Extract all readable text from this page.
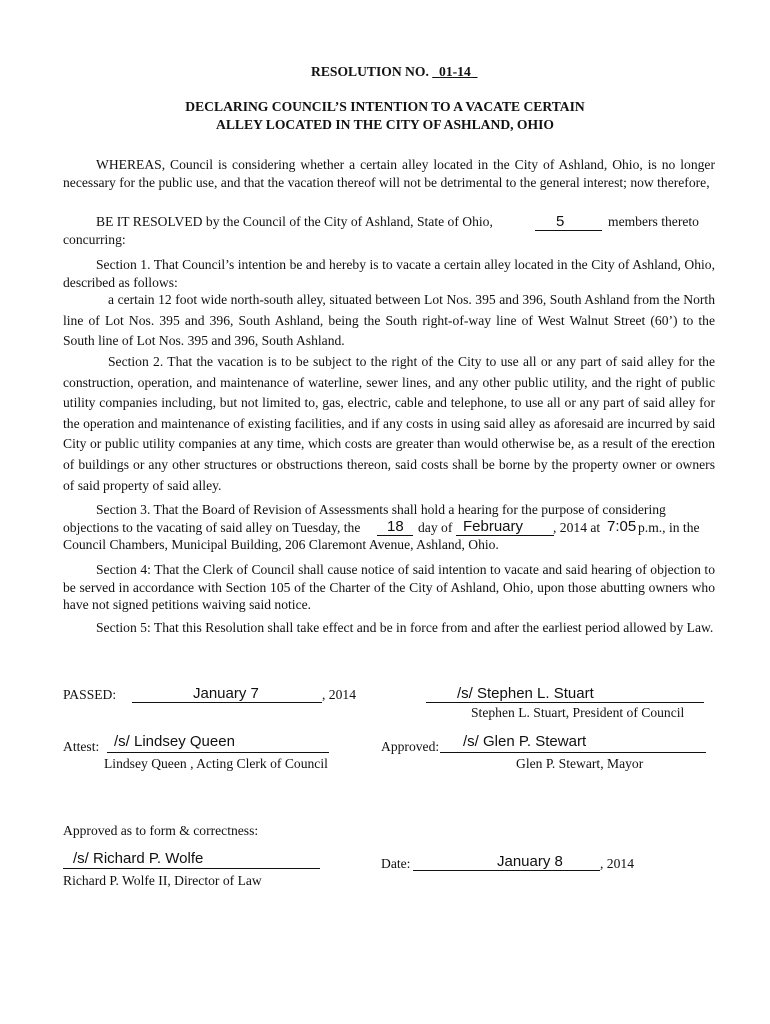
RESOLUTION NO. 01-14
DECLARING COUNCIL’S INTENTION TO A VACATE CERTAIN
ALLEY LOCATED IN THE CITY OF ASHLAND, OHIO
WHEREAS, Council is considering whether a certain alley located in the City of Ashland, Ohio, is no longer necessary for the public use, and that the vacation thereof will not be detrimental to the general interest; now therefore,
BE IT RESOLVED by the Council of the City of Ashland, State of Ohio,	5	members thereto
concurring:
Section 1. That Council’s intention be and hereby is to vacate a certain alley located in the City of Ashland, Ohio, described as follows:
a certain 12 foot wide north-south alley, situated between Lot Nos. 395 and 396, South Ashland from the North line of Lot Nos. 395 and 396, South Ashland, being the South right-of-way line of West Walnut Street (60’) to the South line of Lot Nos. 395 and 396, South Ashland.
Section 2. That the vacation is to be subject to the right of the City to use all or any part of said alley for the construction, operation, and maintenance of waterline, sewer lines, and any other public utility, and the right of public utility companies including, but not limited to, gas, electric, cable and telephone, to use all or any part of said alley for the operation and maintenance of existing facilities, and if any costs in using said alley as aforesaid are incurred by said City or public utility companies at any time, which costs are greater than would otherwise be, as a result of the erection of buildings or any other structures or obstructions thereon, said costs shall be borne by the property owner or owners of said property of said alley.
Section 3. That the Board of Revision of Assessments shall hold a hearing for the purpose of considering
objections to the vacating of said alley on Tuesday, the 18 day of February , 2014 at 7:05 p.m., in the
Council Chambers, Municipal Building, 206 Claremont Avenue, Ashland, Ohio.
Section 4: That the Clerk of Council shall cause notice of said intention to vacate and said hearing of objection to be served in accordance with Section 105 of the Charter of the City of Ashland, Ohio, upon those abutting owners who have not signed petitions waiving said notice.
Section 5: That this Resolution shall take effect and be in force from and after the earliest period allowed by Law.
PASSED:	January 7	, 2014	/s/ Stephen L. Stuart
Stephen L. Stuart, President of Council
Attest: /s/ Lindsey Queen
Lindsey Queen , Acting Clerk of Council
Approved: /s/ Glen P. Stewart
Glen P. Stewart, Mayor
Approved as to form & correctness:
/s/ Richard P. Wolfe
Richard P. Wolfe II, Director of Law
Date:	January 8	, 2014
